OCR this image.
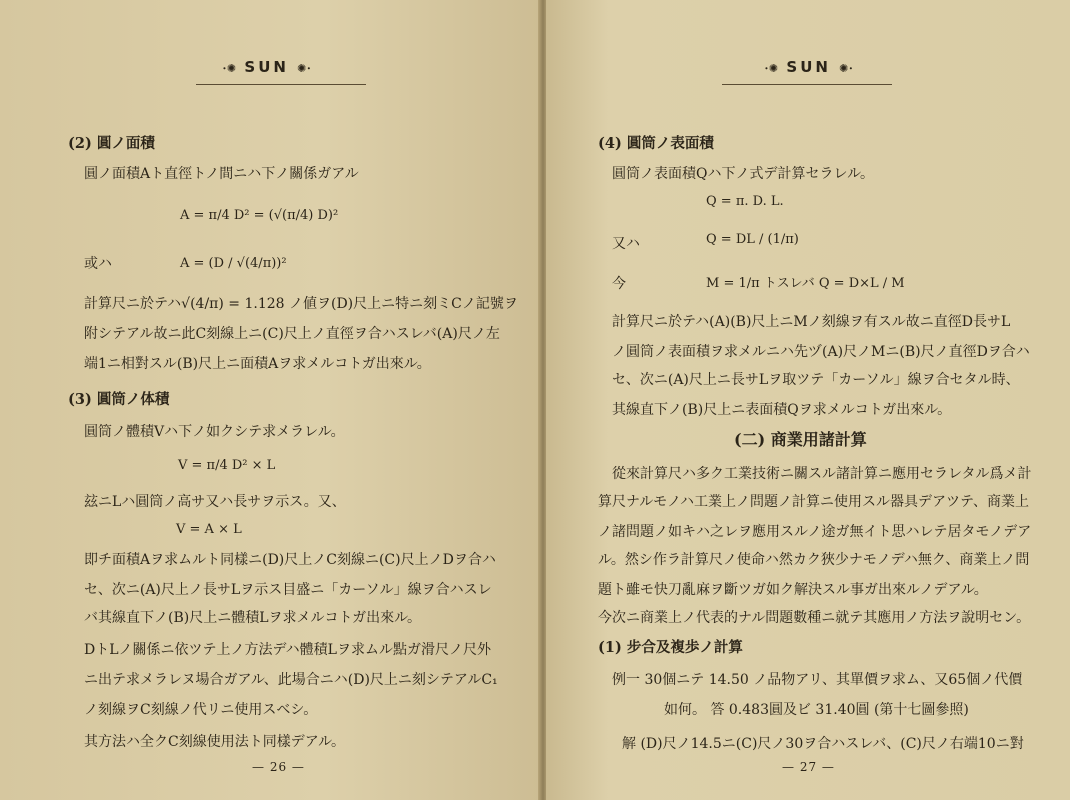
𐄁✺ SUN ✺𐄁
(2) 圓ノ面積
圓ノ面積Aト直徑トノ間ニハ下ノ關係ガアル
A = π/4 D² = (√(π/4) D)²
或ハ	A = (D / √(4/π))²
計算尺ニ於テハ√(4/π) = 1.128 ノ値ヲ(D)尺上ニ特ニ刻ミCノ記號ヲ
附シテアル故ニ此C刻線上ニ(C)尺上ノ直徑ヲ合ハスレバ(A)尺ノ左
端1ニ相對スル(B)尺上ニ面積Aヲ求メルコトガ出來ル。
(3) 圓筒ノ体積
圓筒ノ體積Vハ下ノ如クシテ求メラレル。
V = π/4 D² × L
玆ニLハ圓筒ノ高サ又ハ長サヲ示ス。又、
V = A × L
即チ面積Aヲ求ムルト同樣ニ(D)尺上ノC刻線ニ(C)尺上ノDヲ合ハ
セ、次ニ(A)尺上ノ長サLヲ示ス目盛ニ「カーソル」線ヲ合ハスレ
バ其線直下ノ(B)尺上ニ體積Lヲ求メルコトガ出來ル。
DトLノ關係ニ依ツテ上ノ方法デハ體積Lヲ求ムル點ガ滑尺ノ尺外
ニ出テ求メラレヌ場合ガアル、此場合ニハ(D)尺上ニ刻シテアルC₁
ノ刻線ヲC刻線ノ代リニ使用スベシ。
其方法ハ全クC刻線使用法ト同樣デアル。
— 26 —
𐄁✺ SUN ✺𐄁
(4) 圓筒ノ表面積
圓筒ノ表面積Qハ下ノ式デ計算セラレル。
Q = π. D. L.
又ハ	Q = DL / (1/π)
今	M = 1/π トスレバ Q = D×L / M
計算尺ニ於テハ(A)(B)尺上ニMノ刻線ヲ有スル故ニ直徑D長サL
ノ圓筒ノ表面積ヲ求メルニハ先ヅ(A)尺ノMニ(B)尺ノ直徑Dヲ合ハ
セ、次ニ(A)尺上ニ長サLヲ取ツテ「カーソル」線ヲ合セタル時、
其線直下ノ(B)尺上ニ表面積Qヲ求メルコトガ出來ル。
(二) 商業用諸計算
從來計算尺ハ多ク工業技術ニ關スル諸計算ニ應用セラレタル爲メ計
算尺ナルモノハ工業上ノ問題ノ計算ニ使用スル器具デアツテ、商業上
ノ諸問題ノ如キハ之レヲ應用スルノ途ガ無イト思ハレテ居タモノデア
ル。然シ作ラ計算尺ノ使命ハ然カク狹少ナモノデハ無ク、商業上ノ問
題ト雖モ快刀亂麻ヲ斷ツガ如ク解決スル事ガ出來ルノデアル。
今次ニ商業上ノ代表的ナル問題數種ニ就テ其應用ノ方法ヲ說明セン。
(1) 步合及複歩ノ計算
例一 30個ニテ 14.50 ノ品物アリ、其單價ヲ求ム、又65個ノ代價
如何。 答 0.483圓及ビ 31.40圓 (第十七圖參照)
解 (D)尺ノ14.5ニ(C)尺ノ30ヲ合ハスレバ、(C)尺ノ右端10ニ對
— 27 —
